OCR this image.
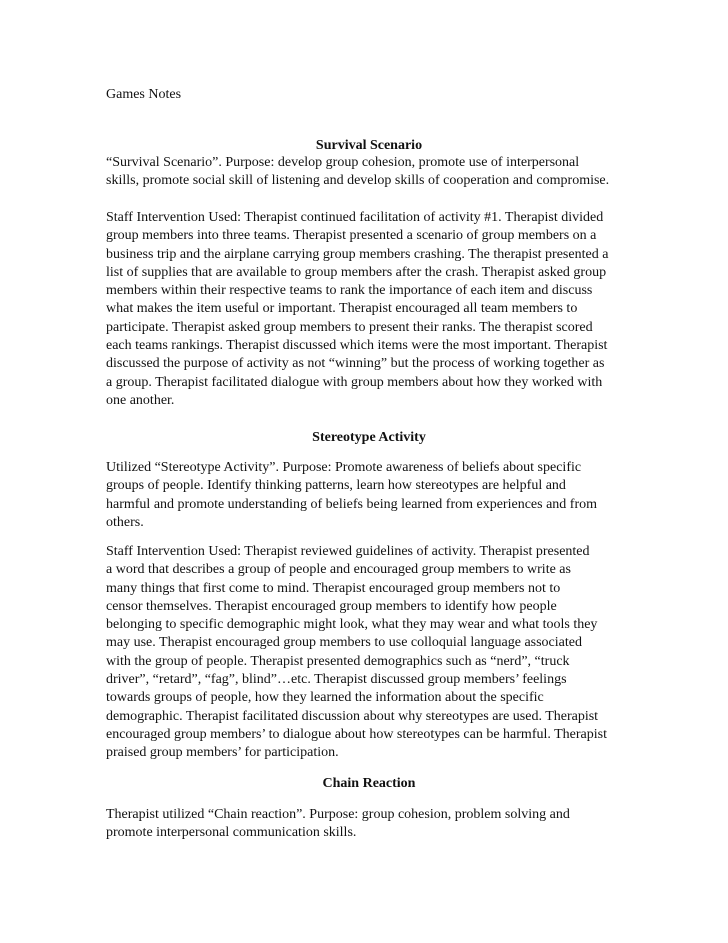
Games Notes
Survival Scenario
“Survival Scenario”. Purpose: develop group cohesion, promote use of interpersonal
skills, promote social skill of listening and develop skills of cooperation and compromise.
Staff Intervention Used: Therapist continued facilitation of activity #1. Therapist divided
group members into three teams. Therapist presented a scenario of group members on a
business trip and the airplane carrying group members crashing. The therapist presented a
list of supplies that are available to group members after the crash. Therapist asked group
members within their respective teams to rank the importance of each item and discuss
what makes the item useful or important. Therapist encouraged all team members to
participate. Therapist asked group members to present their ranks. The therapist scored
each teams rankings. Therapist discussed which items were the most important. Therapist
discussed the purpose of activity as not “winning” but the process of working together as
a group. Therapist facilitated dialogue with group members about how they worked with
one another.
Stereotype Activity
Utilized “Stereotype Activity”. Purpose: Promote awareness of beliefs about specific
groups of people. Identify thinking patterns, learn how stereotypes are helpful and
harmful and promote understanding of beliefs being learned from experiences and from
others.
Staff Intervention Used: Therapist reviewed guidelines of activity. Therapist presented
a word that describes a group of people and encouraged group members to write as
many things that first come to mind. Therapist encouraged group members not to
censor themselves. Therapist encouraged group members to identify how people
belonging to specific demographic might look, what they may wear and what tools they
may use. Therapist encouraged group members to use colloquial language associated
with the group of people. Therapist presented demographics such as “nerd”, “truck
driver”, “retard”, “fag”, blind”…etc. Therapist discussed group members’ feelings
towards groups of people, how they learned the information about the specific
demographic. Therapist facilitated discussion about why stereotypes are used. Therapist
encouraged group members’ to dialogue about how stereotypes can be harmful. Therapist
praised group members’ for participation.
Chain Reaction
Therapist utilized “Chain reaction”. Purpose: group cohesion, problem solving and
promote interpersonal communication skills.
